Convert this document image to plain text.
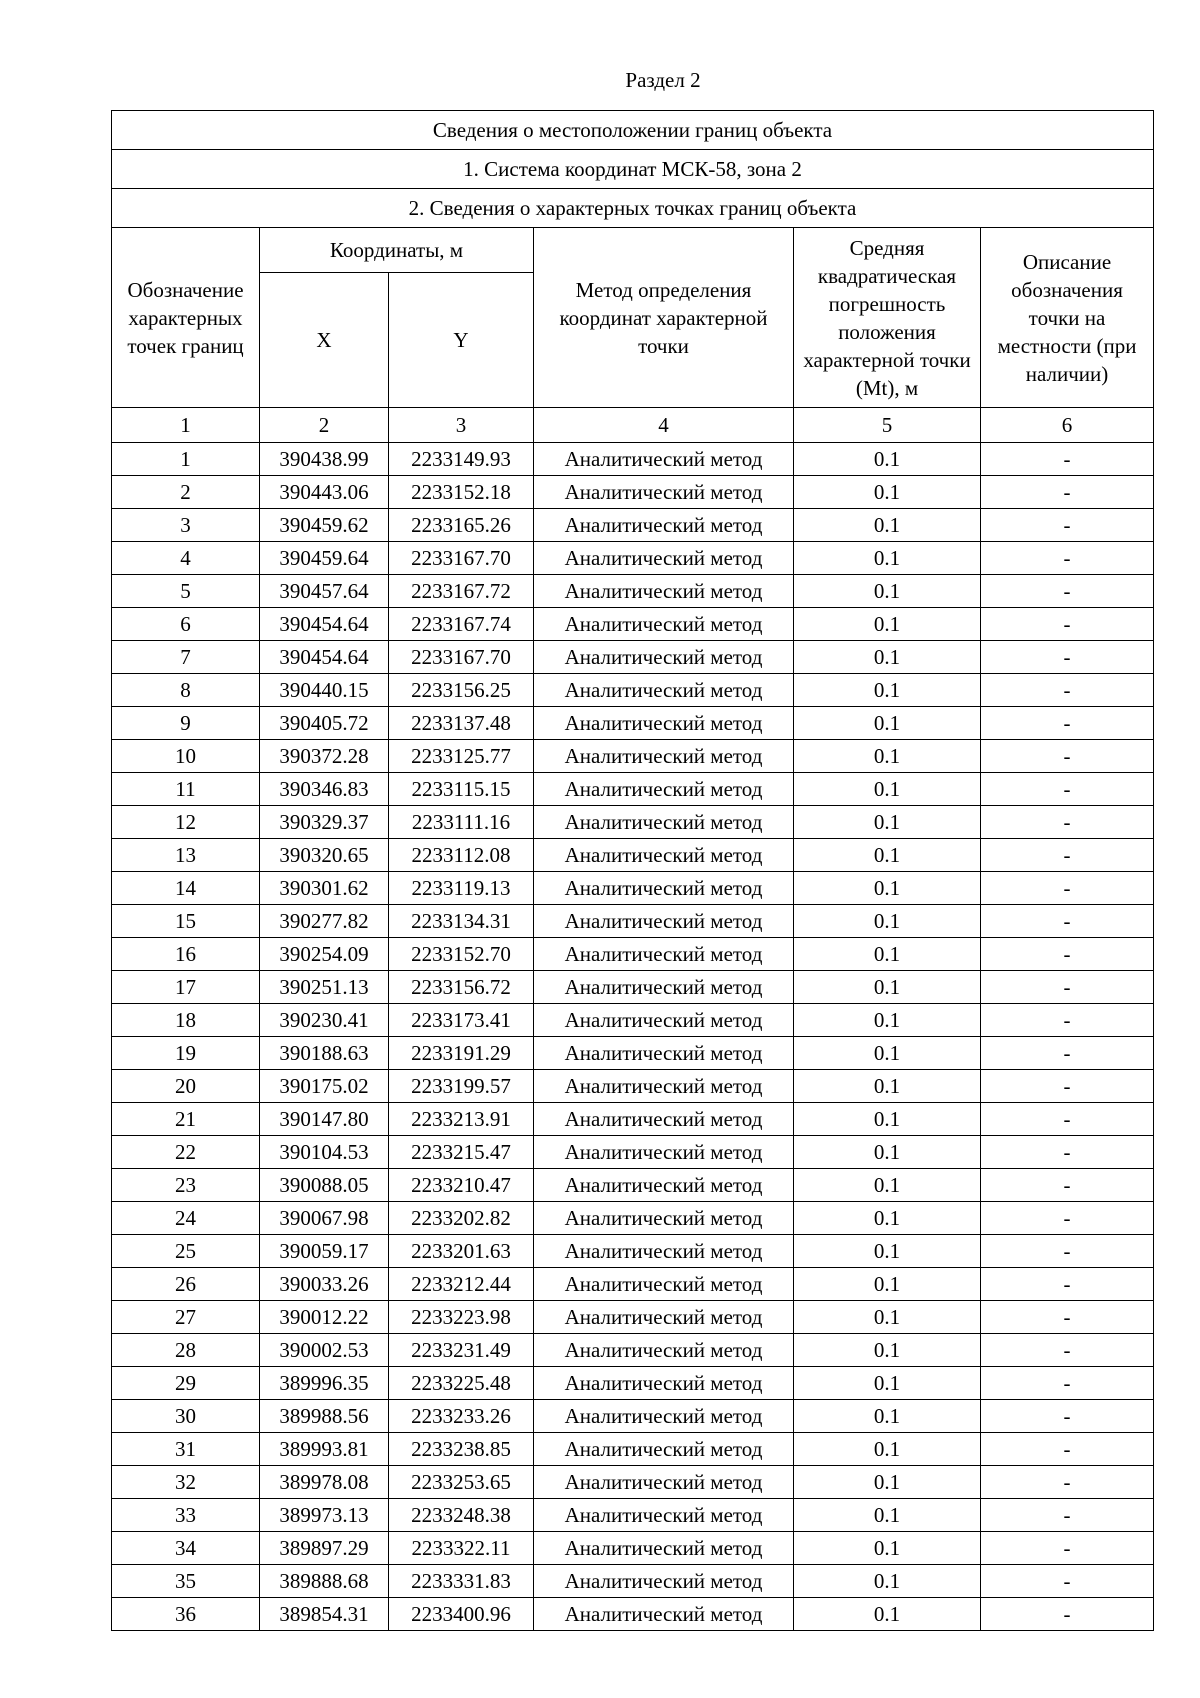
Раздел 2
Сведения о местоположении границ объекта					
1. Система координат МСК-58, зона 2					
2. Сведения о характерных точках границ объекта					
Обозначение характерных точек границ	Координаты, м		Метод определения координат характерной точки	Средняя квадратическая погрешность положения характерной точки (Mt), м	Описание обозначения точки на местности (при наличии)
	X	Y			
1	2	3	4	5	6
1	390438.99	2233149.93	Аналитический метод	0.1	-
2	390443.06	2233152.18	Аналитический метод	0.1	-
3	390459.62	2233165.26	Аналитический метод	0.1	-
4	390459.64	2233167.70	Аналитический метод	0.1	-
5	390457.64	2233167.72	Аналитический метод	0.1	-
6	390454.64	2233167.74	Аналитический метод	0.1	-
7	390454.64	2233167.70	Аналитический метод	0.1	-
8	390440.15	2233156.25	Аналитический метод	0.1	-
9	390405.72	2233137.48	Аналитический метод	0.1	-
10	390372.28	2233125.77	Аналитический метод	0.1	-
11	390346.83	2233115.15	Аналитический метод	0.1	-
12	390329.37	2233111.16	Аналитический метод	0.1	-
13	390320.65	2233112.08	Аналитический метод	0.1	-
14	390301.62	2233119.13	Аналитический метод	0.1	-
15	390277.82	2233134.31	Аналитический метод	0.1	-
16	390254.09	2233152.70	Аналитический метод	0.1	-
17	390251.13	2233156.72	Аналитический метод	0.1	-
18	390230.41	2233173.41	Аналитический метод	0.1	-
19	390188.63	2233191.29	Аналитический метод	0.1	-
20	390175.02	2233199.57	Аналитический метод	0.1	-
21	390147.80	2233213.91	Аналитический метод	0.1	-
22	390104.53	2233215.47	Аналитический метод	0.1	-
23	390088.05	2233210.47	Аналитический метод	0.1	-
24	390067.98	2233202.82	Аналитический метод	0.1	-
25	390059.17	2233201.63	Аналитический метод	0.1	-
26	390033.26	2233212.44	Аналитический метод	0.1	-
27	390012.22	2233223.98	Аналитический метод	0.1	-
28	390002.53	2233231.49	Аналитический метод	0.1	-
29	389996.35	2233225.48	Аналитический метод	0.1	-
30	389988.56	2233233.26	Аналитический метод	0.1	-
31	389993.81	2233238.85	Аналитический метод	0.1	-
32	389978.08	2233253.65	Аналитический метод	0.1	-
33	389973.13	2233248.38	Аналитический метод	0.1	-
34	389897.29	2233322.11	Аналитический метод	0.1	-
35	389888.68	2233331.83	Аналитический метод	0.1	-
36	389854.31	2233400.96	Аналитический метод	0.1	-
